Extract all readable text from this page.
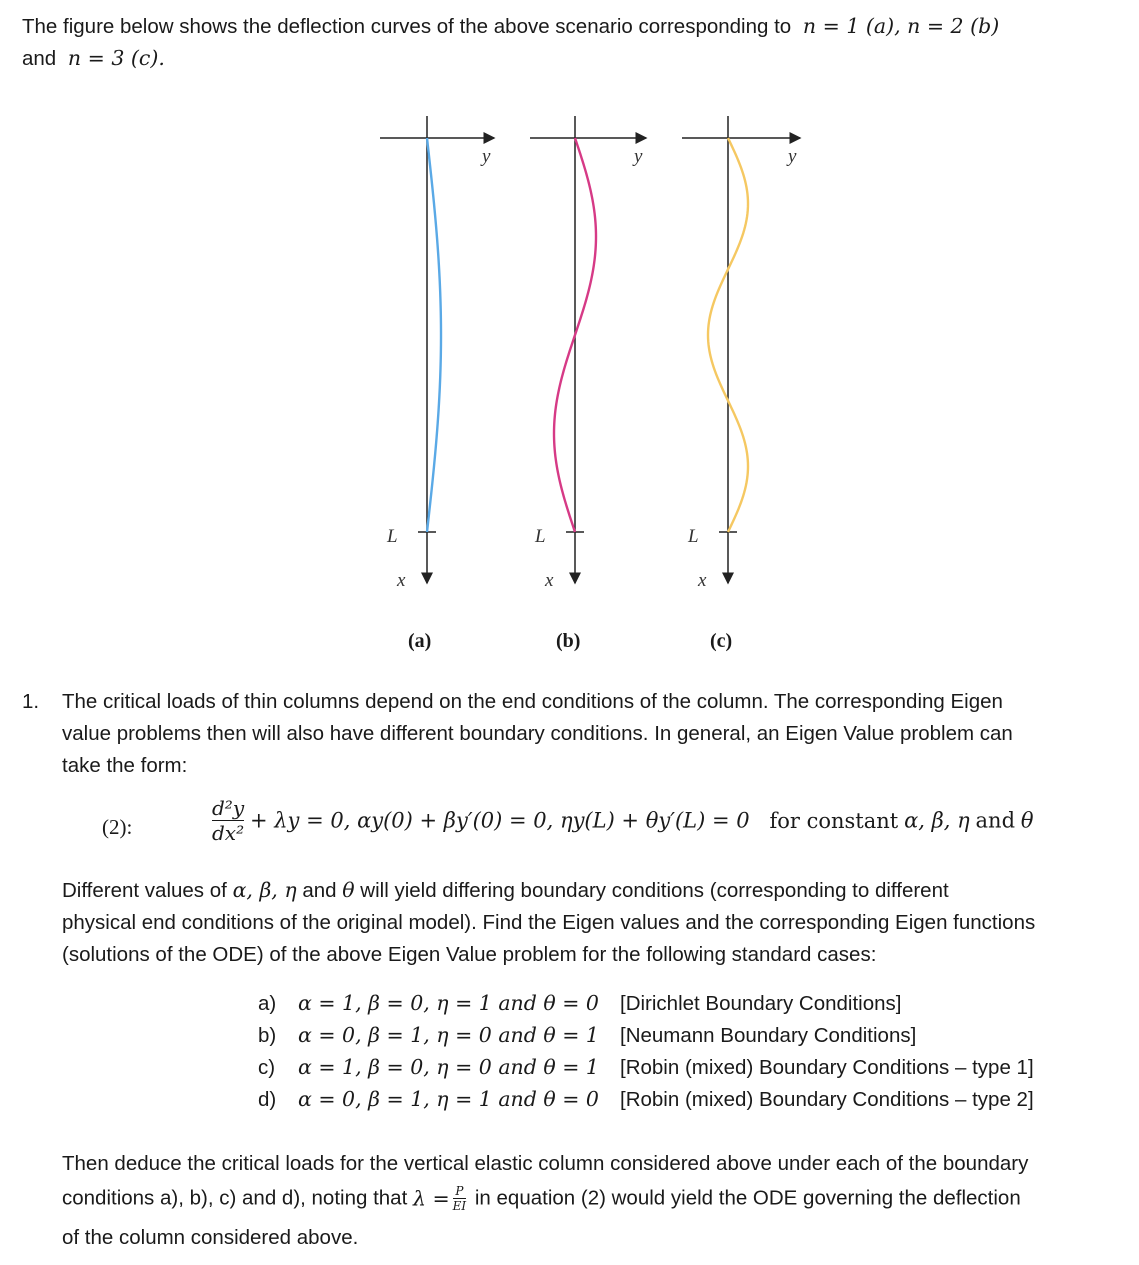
The figure below shows the deflection curves of the above scenario corresponding to n = 1 (a), n = 2 (b)
and n = 3 (c).
y
L
x
(a)
y
L
x
(b)
y
L
x
(c)
1. The critical loads of thin columns depend on the end conditions of the column. The corresponding Eigen
value problems then will also have different boundary conditions. In general, an Eigen Value problem can
take the form:
(2):	$\frac{\text{d²y}}{\text{dx²}} + \lambda y = 0$, αy(0) + βy′(0) = 0, ηy(L) + θy′(L) = 0 for constant α, β, η and θ
Different values of α, β, η and θ will yield differing boundary conditions (corresponding to different
physical end conditions of the original model). Find the Eigen values and the corresponding Eigen functions
(solutions of the ODE) of the above Eigen Value problem for the following standard cases:
a) α = 1, β = 0, η = 1 and θ = 0 [Dirichlet Boundary Conditions]
b) α = 0, β = 1, η = 0 and θ = 1 [Neumann Boundary Conditions]
c) α = 1, β = 0, η = 0 and θ = 1 [Robin (mixed) Boundary Conditions – type 1]
d) α = 0, β = 1, η = 1 and θ = 0 [Robin (mixed) Boundary Conditions – type 2]
Then deduce the critical loads for the vertical elastic column considered above under each of the boundary
conditions a), b), c) and d), noting that $\lambda = \frac{P}{EI}$ in equation (2) would yield the ODE governing the deflection
of the column considered above.
